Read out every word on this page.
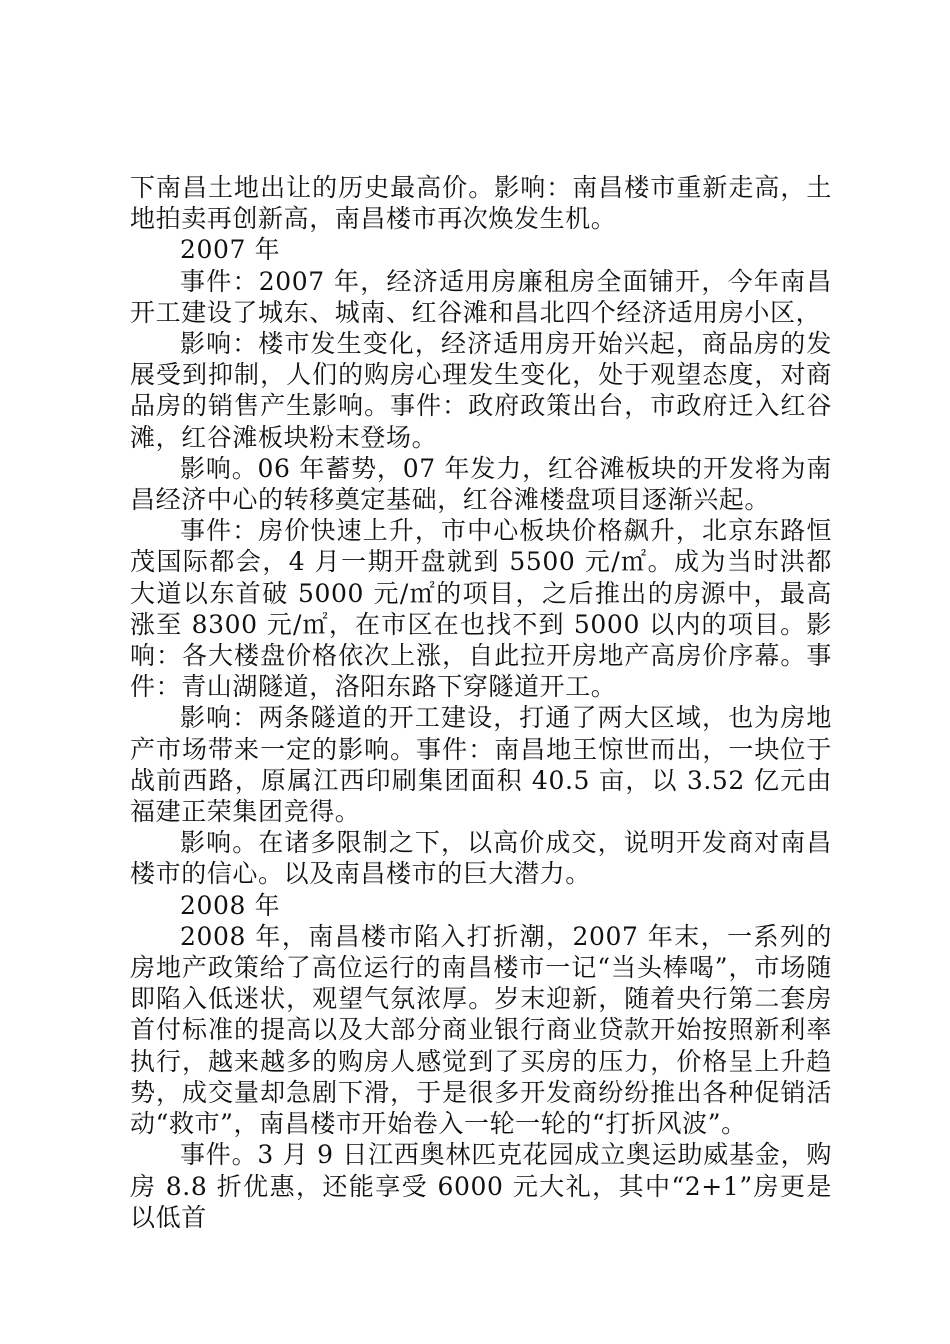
下南昌土地出让的历史最高价。影响：南昌楼市重新走高，土地拍卖再创新高，南昌楼市再次焕发生机。

2007 年

事件：2007 年，经济适用房廉租房全面铺开，今年南昌开工建设了城东、城南、红谷滩和昌北四个经济适用房小区，

影响：楼市发生变化，经济适用房开始兴起，商品房的发展受到抑制，人们的购房心理发生变化，处于观望态度，对商品房的销售产生影响。事件：政府政策出台，市政府迁入红谷滩，红谷滩板块粉末登场。

影响。06 年蓄势，07 年发力，红谷滩板块的开发将为南昌经济中心的转移奠定基础，红谷滩楼盘项目逐渐兴起。

事件：房价快速上升，市中心板块价格飙升，北京东路恒茂国际都会，4 月一期开盘就到 5500 元/㎡。成为当时洪都大道以东首破 5000 元/㎡的项目，之后推出的房源中，最高涨至 8300 元/㎡，在市区在也找不到 5000 以内的项目。影响：各大楼盘价格依次上涨，自此拉开房地产高房价序幕。事件：青山湖隧道，洛阳东路下穿隧道开工。

影响：两条隧道的开工建设，打通了两大区域，也为房地产市场带来一定的影响。事件：南昌地王惊世而出，一块位于战前西路，原属江西印刷集团面积 40.5 亩，以 3.52 亿元由福建正荣集团竞得。

影响。在诸多限制之下，以高价成交，说明开发商对南昌楼市的信心。以及南昌楼市的巨大潜力。

2008 年

2008 年，南昌楼市陷入打折潮，2007 年末，一系列的房地产政策给了高位运行的南昌楼市一记“当头棒喝”，市场随即陷入低迷状，观望气氛浓厚。岁末迎新，随着央行第二套房首付标准的提高以及大部分商业银行商业贷款开始按照新利率执行，越来越多的购房人感觉到了买房的压力，价格呈上升趋势，成交量却急剧下滑，于是很多开发商纷纷推出各种促销活动“救市”，南昌楼市开始卷入一轮一轮的“打折风波”。

事件。3 月 9 日江西奥林匹克花园成立奥运助威基金，购房 8.8 折优惠，还能享受 6000 元大礼，其中“2+1”房更是以低首
